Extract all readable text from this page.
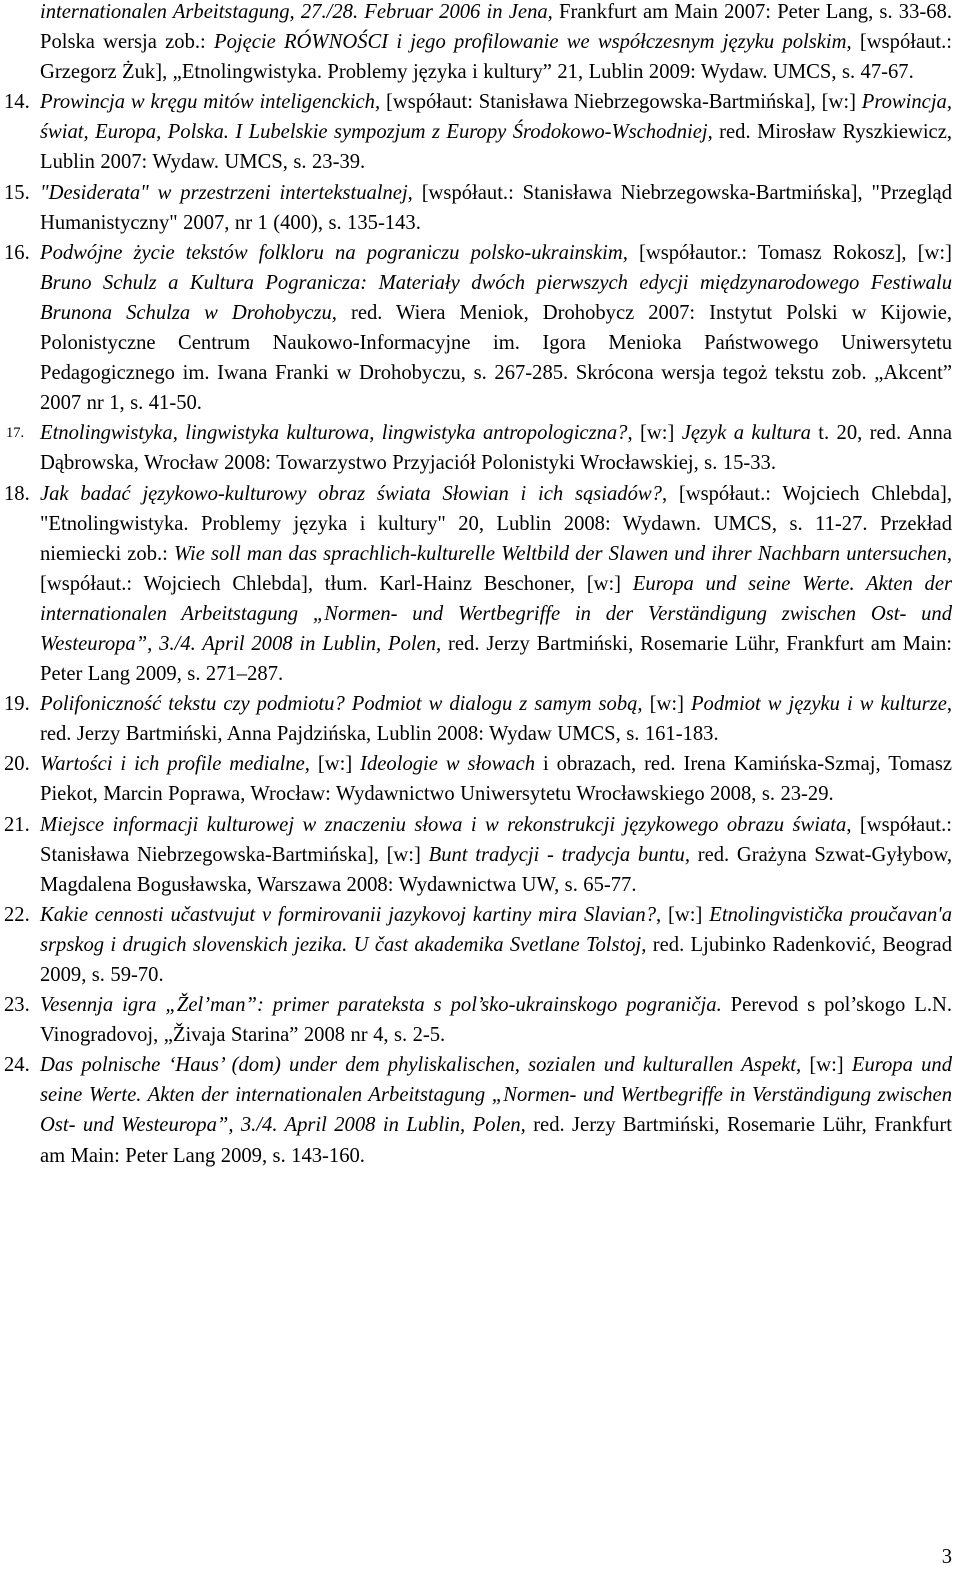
internationalen Arbeitstagung, 27./28. Februar 2006 in Jena, Frankfurt am Main 2007: Peter Lang, s. 33-68. Polska wersja zob.: Pojęcie RÓWNOŚCI i jego profilowanie we współczesnym języku polskim, [współaut.: Grzegorz Żuk], „Etnolingwistyka. Problemy języka i kultury” 21, Lublin 2009: Wydaw. UMCS, s. 47-67.
14. Prowincja w kręgu mitów inteligenckich, [współaut: Stanisława Niebrzegowska-Bartmińska], [w:] Prowincja, świat, Europa, Polska. I Lubelskie sympozjum z Europy Środokowo-Wschodniej, red. Mirosław Ryszkiewicz, Lublin 2007: Wydaw. UMCS, s. 23-39.
15. "Desiderata" w przestrzeni intertekstualnej, [współaut.: Stanisława Niebrzegowska-Bartmińska], "Przegląd Humanistyczny" 2007, nr 1 (400), s. 135-143.
16. Podwójne życie tekstów folkloru na pograniczu polsko-ukrainskim, [współautor.: Tomasz Rokosz], [w:] Bruno Schulz a Kultura Pogranicza: Materiały dwóch pierwszych edycji międzynarodowego Festiwalu Brunona Schulza w Drohobyczu, red. Wiera Meniok, Drohobycz 2007: Instytut Polski w Kijowie, Polonistyczne Centrum Naukowo-Informacyjne im. Igora Menioka Państwowego Uniwersytetu Pedagogicznego im. Iwana Franki w Drohobyczu, s. 267-285. Skrócona wersja tegoż tekstu zob. „Akcent” 2007 nr 1, s. 41-50.
17. Etnolingwistyka, lingwistyka kulturowa, lingwistyka antropologiczna?, [w:] Język a kultura t. 20, red. Anna Dąbrowska, Wrocław 2008: Towarzystwo Przyjaciół Polonistyki Wrocławskiej, s. 15-33.
18. Jak badać językowo-kulturowy obraz świata Słowian i ich sąsiadów?, [współaut.: Wojciech Chlebda], "Etnolingwistyka. Problemy języka i kultury" 20, Lublin 2008: Wydawn. UMCS, s. 11-27. Przekład niemiecki zob.: Wie soll man das sprachlich-kulturelle Weltbild der Slawen und ihrer Nachbarn untersuchen, [współaut.: Wojciech Chlebda], tłum. Karl-Hainz Beschoner, [w:] Europa und seine Werte. Akten der internationalen Arbeitstagung „Normen- und Wertbegriffe in der Verständigung zwischen Ost- und Westeuropa”, 3./4. April 2008 in Lublin, Polen, red. Jerzy Bartmiński, Rosemarie Lühr, Frankfurt am Main: Peter Lang 2009, s. 271–287.
19. Polifoniczność tekstu czy podmiotu? Podmiot w dialogu z samym sobą, [w:] Podmiot w języku i w kulturze, red. Jerzy Bartmiński, Anna Pajdzińska, Lublin 2008: Wydaw UMCS, s. 161-183.
20. Wartości i ich profile medialne, [w:] Ideologie w słowach i obrazach, red. Irena Kamińska-Szmaj, Tomasz Piekot, Marcin Poprawa, Wrocław: Wydawnictwo Uniwersytetu Wrocławskiego 2008, s. 23-29.
21. Miejsce informacji kulturowej w znaczeniu słowa i w rekonstrukcji językowego obrazu świata, [współaut.: Stanisława Niebrzegowska-Bartmińska], [w:] Bunt tradycji - tradycja buntu, red. Grażyna Szwat-Gyłybow, Magdalena Bogusławska, Warszawa 2008: Wydawnictwa UW, s. 65-77.
22. Kakie cennosti učastvujut v formirovanii jazykovoj kartiny mira Slavian?, [w:] Etnolingvistička proučavan'a srpskog i drugich slovenskich jezika. U čast akademika Svetlane Tolstoj, red. Ljubinko Radenković, Beograd 2009, s. 59-70.
23. Vesennja igra „Žel’man”: primer parateksta s pol’sko-ukrainskogo pograničja. Perevod s pol’skogo L.N. Vinogradovoj, „Živaja Starina” 2008 nr 4, s. 2-5.
24. Das polnische ‘Haus’ (dom) under dem phyliskalischen, sozialen und kulturallen Aspekt, [w:] Europa und seine Werte. Akten der internationalen Arbeitstagung „Normen- und Wertbegriffe in Verständigung zwischen Ost- und Westeuropa”, 3./4. April 2008 in Lublin, Polen, red. Jerzy Bartmiński, Rosemarie Lühr, Frankfurt am Main: Peter Lang 2009, s. 143-160.
3
